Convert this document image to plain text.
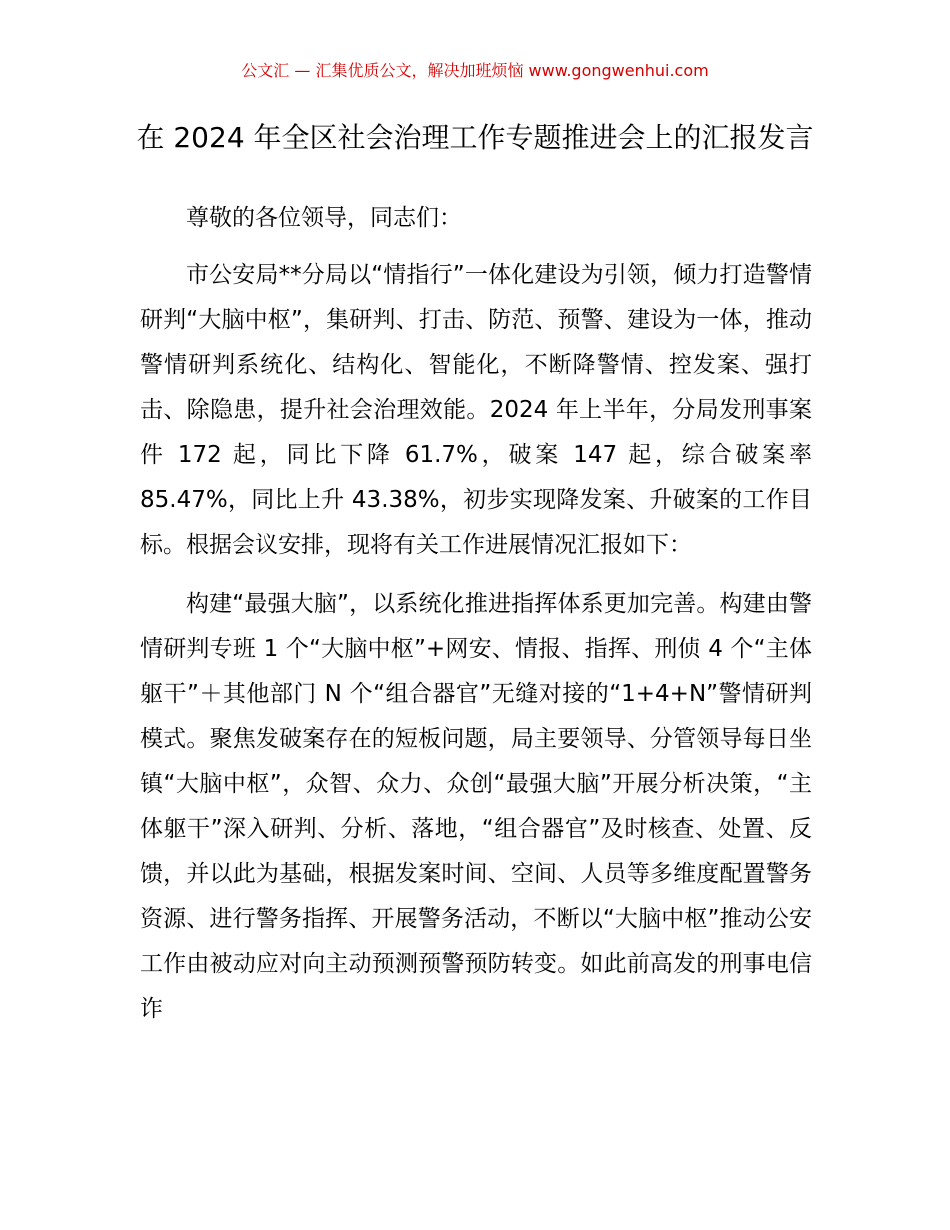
公文汇 — 汇集优质公文，解决加班烦恼 www.gongwenhui.com
在 2024 年全区社会治理工作专题推进会上的汇报发言

尊敬的各位领导，同志们：

市公安局**分局以“情指行”一体化建设为引领，倾力打造警情研判“大脑中枢”，集研判、打击、防范、预警、建设为一体，推动警情研判系统化、结构化、智能化，不断降警情、控发案、强打击、除隐患，提升社会治理效能。2024 年上半年，分局发刑事案件 172 起，同比下降 61.7%，破案 147 起，综合破案率 85.47%，同比上升 43.38%，初步实现降发案、升破案的工作目标。根据会议安排，现将有关工作进展情况汇报如下：

构建“最强大脑”，以系统化推进指挥体系更加完善。构建由警情研判专班 1 个“大脑中枢”+网安、情报、指挥、刑侦 4 个“主体躯干”＋其他部门 N 个“组合器官”无缝对接的“1+4+N”警情研判模式。聚焦发破案存在的短板问题，局主要领导、分管领导每日坐镇“大脑中枢”，众智、众力、众创“最强大脑”开展分析决策，“主体躯干”深入研判、分析、落地，“组合器官”及时核查、处置、反馈，并以此为基础，根据发案时间、空间、人员等多维度配置警务资源、进行警务指挥、开展警务活动，不断以“大脑中枢”推动公安工作由被动应对向主动预测预警预防转变。如此前高发的刑事电信诈
